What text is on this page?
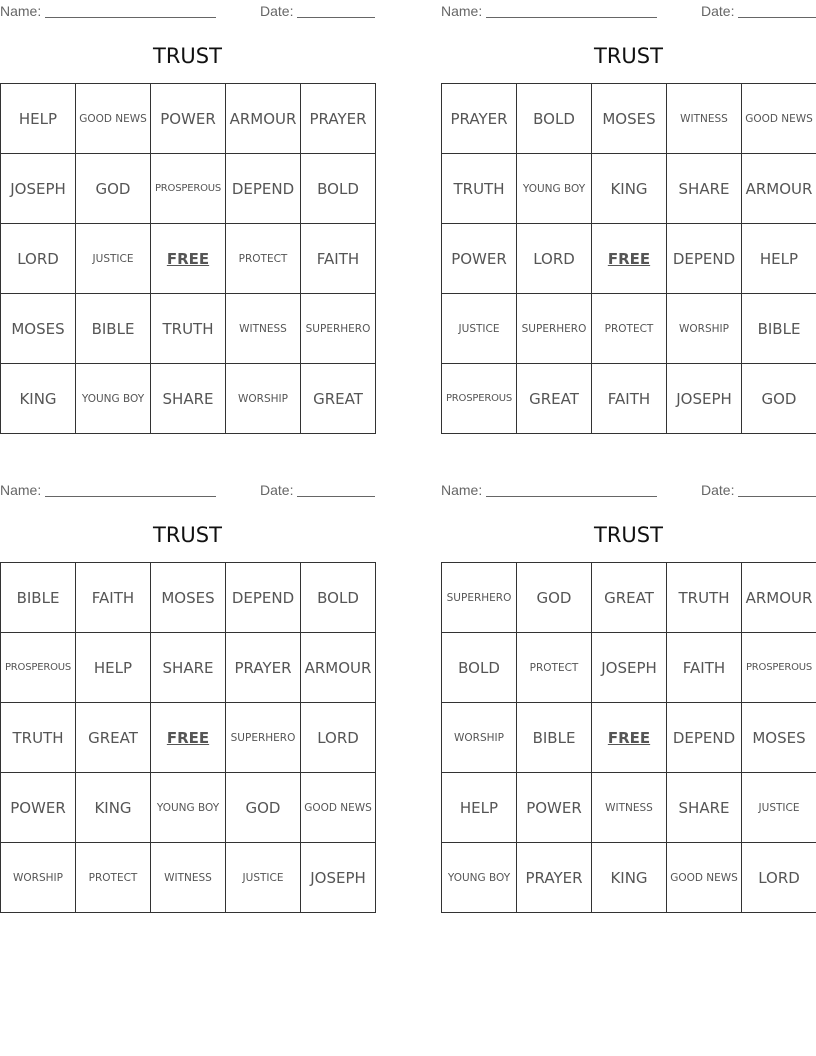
Name:	Date:
TRUST
HELP	GOOD NEWS	POWER	ARMOUR	PRAYER
JOSEPH	GOD	PROSPEROUS	DEPEND	BOLD
LORD	JUSTICE	FREE	PROTECT	FAITH
MOSES	BIBLE	TRUTH	WITNESS	SUPERHERO
KING	YOUNG BOY	SHARE	WORSHIP	GREAT
Name:	Date:
TRUST
PRAYER	BOLD	MOSES	WITNESS	GOOD NEWS
TRUTH	YOUNG BOY	KING	SHARE	ARMOUR
POWER	LORD	FREE	DEPEND	HELP
JUSTICE	SUPERHERO	PROTECT	WORSHIP	BIBLE
PROSPEROUS	GREAT	FAITH	JOSEPH	GOD
Name:	Date:
TRUST
BIBLE	FAITH	MOSES	DEPEND	BOLD
PROSPEROUS	HELP	SHARE	PRAYER	ARMOUR
TRUTH	GREAT	FREE	SUPERHERO	LORD
POWER	KING	YOUNG BOY	GOD	GOOD NEWS
WORSHIP	PROTECT	WITNESS	JUSTICE	JOSEPH
Name:	Date:
TRUST
SUPERHERO	GOD	GREAT	TRUTH	ARMOUR
BOLD	PROTECT	JOSEPH	FAITH	PROSPEROUS
WORSHIP	BIBLE	FREE	DEPEND	MOSES
HELP	POWER	WITNESS	SHARE	JUSTICE
YOUNG BOY	PRAYER	KING	GOOD NEWS	LORD
